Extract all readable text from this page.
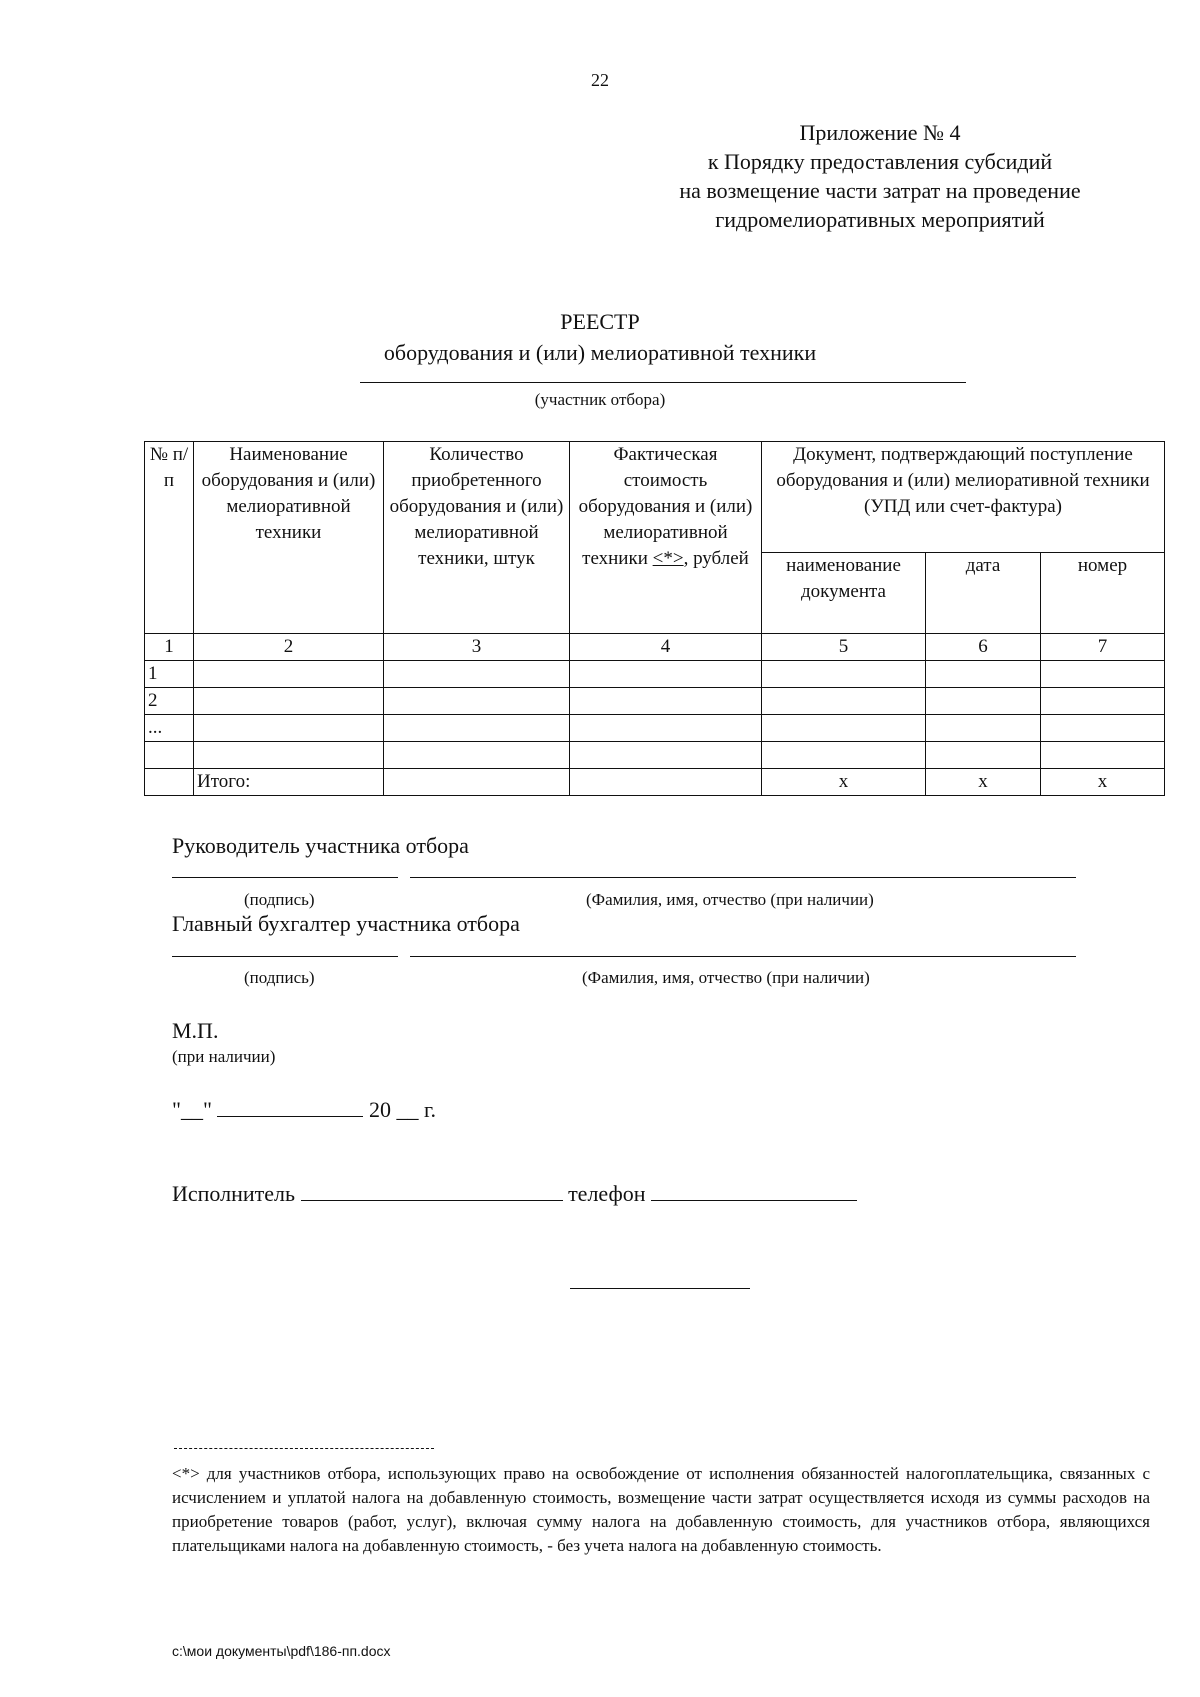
22
Приложение № 4
к Порядку предоставления субсидий
на возмещение части затрат на проведение
гидромелиоративных мероприятий
РЕЕСТР
оборудования и (или) мелиоративной техники
(участник отбора)
№ п/п	Наименование оборудования и (или) мелиоративной техники	Количество приобретенного оборудования и (или) мелиоративной техники, штук	Фактическая стоимость оборудования и (или) мелиоративной техники <*>, рублей	Документ, подтверждающий поступление оборудования и (или) мелиоративной техники (УПД или счет-фактура)		
				наименование документа	дата	номер
1	2	3	4	5	6	7
1						
2						
...						

	Итого:			х	х	х
Руководитель участника отбора
(подпись)	(Фамилия, имя, отчество (при наличии)
Главный бухгалтер участника отбора
(подпись)	(Фамилия, имя, отчество (при наличии)
М.П.
(при наличии)
"__"	20 __ г.
Исполнитель	телефон
<*> для участников отбора, использующих право на освобождение от исполнения обязанностей налогоплательщика, связанных с исчислением и уплатой налога на добавленную стоимость, возмещение части затрат осуществляется исходя из суммы расходов на приобретение товаров (работ, услуг), включая сумму налога на добавленную стоимость, для участников отбора, являющихся плательщиками налога на добавленную стоимость, - без учета налога на добавленную стоимость.
c:\мои документы\pdf\186-пп.docx
